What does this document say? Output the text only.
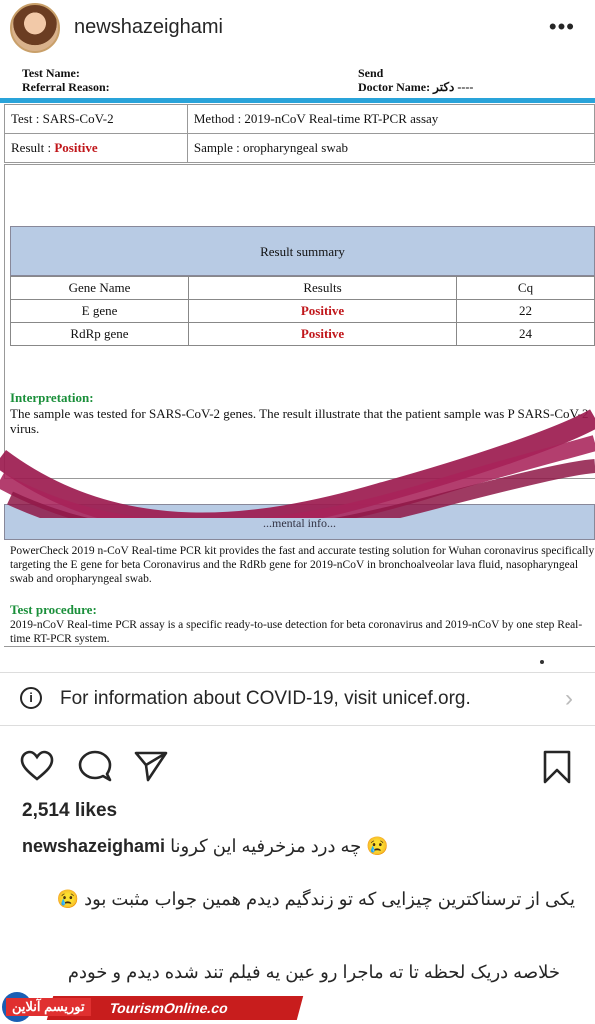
newshazeighami	•••
Test Name:
Referral Reason:
Send
Doctor Name: دکتر ----
Test : SARS-CoV-2	Method : 2019-nCoV Real-time RT-PCR assay
Result : Positive	Sample : oropharyngeal swab
Result summary
Gene Name	Results	Cq
E gene	Positive	22
RdRp gene	Positive	24
Interpretation:
The sample was tested for SARS-CoV-2 genes. The result illustrate that the patient sample was P SARS-CoV-2 virus.
...mental info...
PowerCheck 2019 n-CoV Real-time PCR kit provides the fast and accurate testing solution for Wuhan coronavirus specifically targeting the E gene for beta Coronavirus and the RdRb gene for 2019-nCoV in bronchoalveolar lava fluid, nasopharyngeal swab and oropharyngeal swab.
Test procedure:
2019-nCoV Real-time PCR assay is a specific ready-to-use detection for beta coronavirus and 2019-nCoV by one step Real-time RT-PCR system.
i	For information about COVID-19, visit unicef.org.	›
2,514 likes
newshazeighami چه درد مزخرفیه این کرونا 😢
یکی از ترسناکترین چیزایی که تو زندگیم دیدم همین جواب مثبت بود 😢
خلاصه دریک لحظه تا ته ماجرا رو عین یه فیلم تند شده دیدم و خودم
TourismOnline.co
توریسم آنلاین
